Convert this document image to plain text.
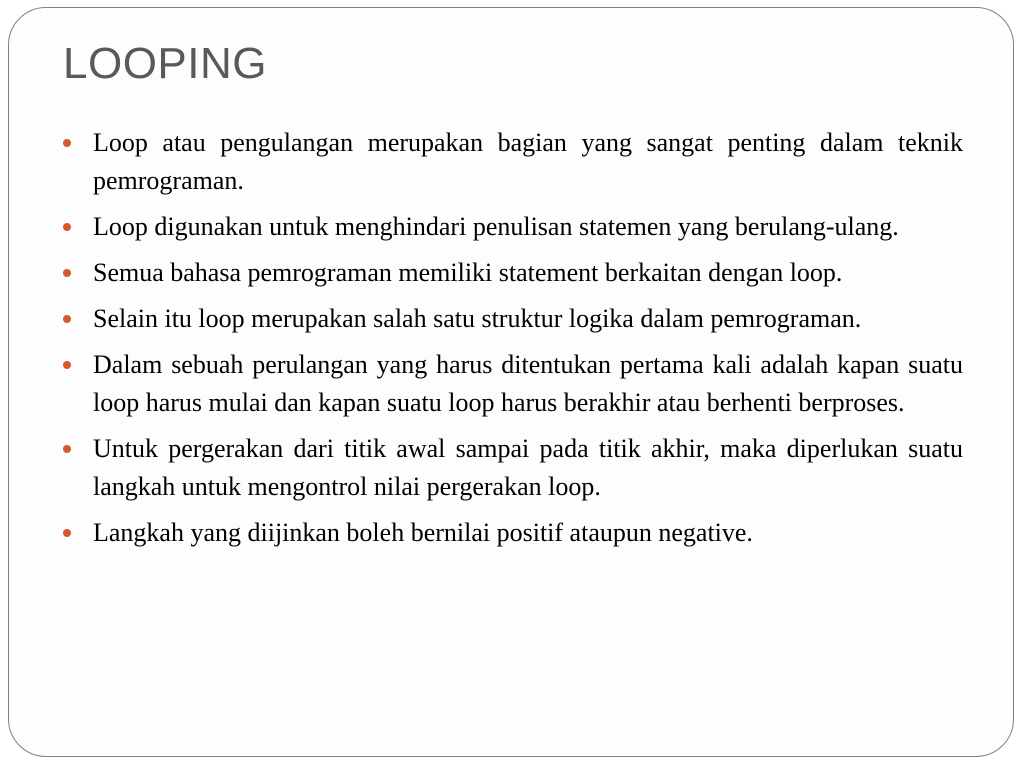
LOOPING
Loop atau pengulangan merupakan bagian yang sangat penting dalam teknik pemrograman.
Loop digunakan untuk menghindari penulisan statemen yang berulang-ulang.
Semua bahasa pemrograman memiliki statement berkaitan dengan loop.
Selain itu loop merupakan salah satu struktur logika dalam pemrograman.
Dalam sebuah perulangan yang harus ditentukan pertama kali adalah kapan suatu loop harus mulai dan kapan suatu loop harus berakhir atau berhenti berproses.
Untuk pergerakan dari titik awal sampai pada titik akhir, maka diperlukan suatu langkah untuk mengontrol nilai pergerakan loop.
Langkah yang diijinkan boleh bernilai positif ataupun negative.
